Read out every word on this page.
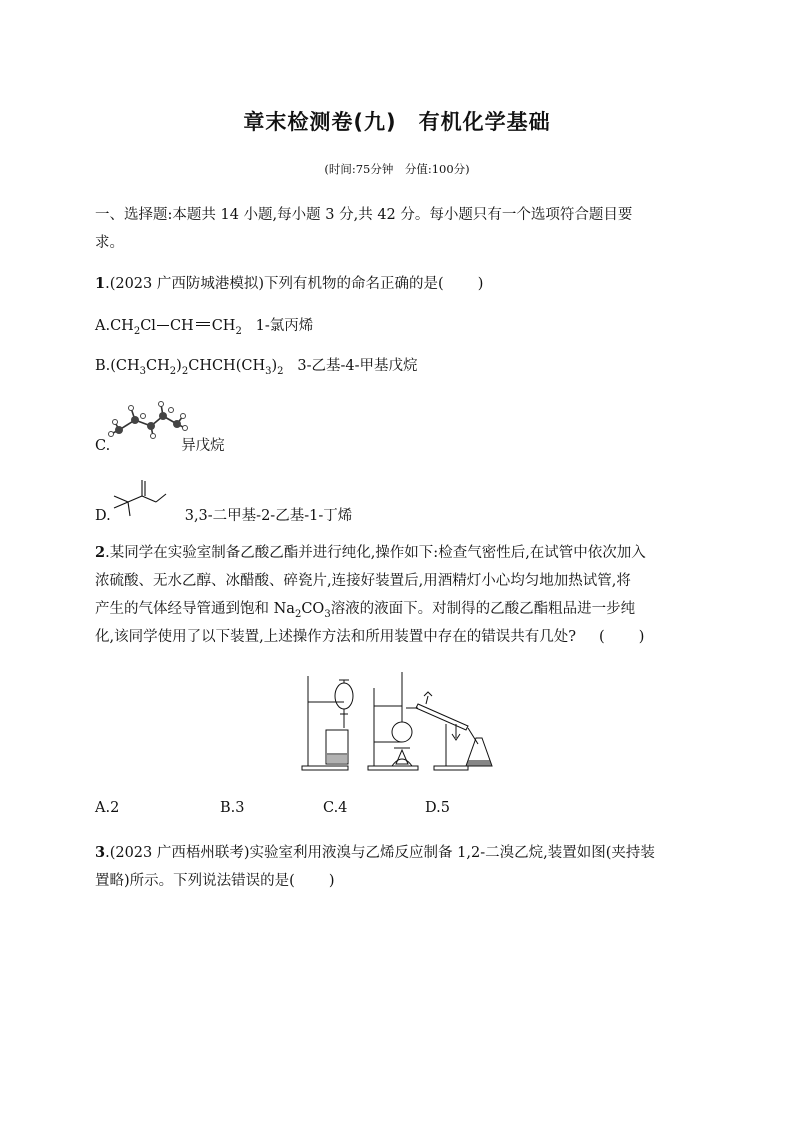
章末检测卷(九)　有机化学基础
(时间:75分钟　分值:100分)
一、选择题:本题共 14 小题,每小题 3 分,共 42 分。每小题只有一个选项符合题目要
求。
1.(2023 广西防城港模拟)下列有机物的命名正确的是( )
$A.CH_2Cl$ CH $CH_2$ 1-氯丙烯
$B.(CH_3CH_2)_2CHCH(CH_3)_2$ 3-乙基-4-甲基戊烷
C.	异戊烷
D.	3,3-二甲基-2-乙基-1-丁烯
2.某同学在实验室制备乙酸乙酯并进行纯化,操作如下:检查气密性后,在试管中依次加入
浓硫酸、无水乙醇、冰醋酸、碎瓷片,连接好装置后,用酒精灯小心均匀地加热试管,将
产生的气体经导管通到饱和 $Na_2CO_3$溶液的液面下。对制得的乙酸乙酯粗品进一步纯
化,该同学使用了以下装置,上述操作方法和所用装置中存在的错误共有几处? ( )
A.2	B.3	C.4	D.5
3.(2023 广西梧州联考)实验室利用液溴与乙烯反应制备 1,2-二溴乙烷,装置如图(夹持装
置略)所示。下列说法错误的是( )
